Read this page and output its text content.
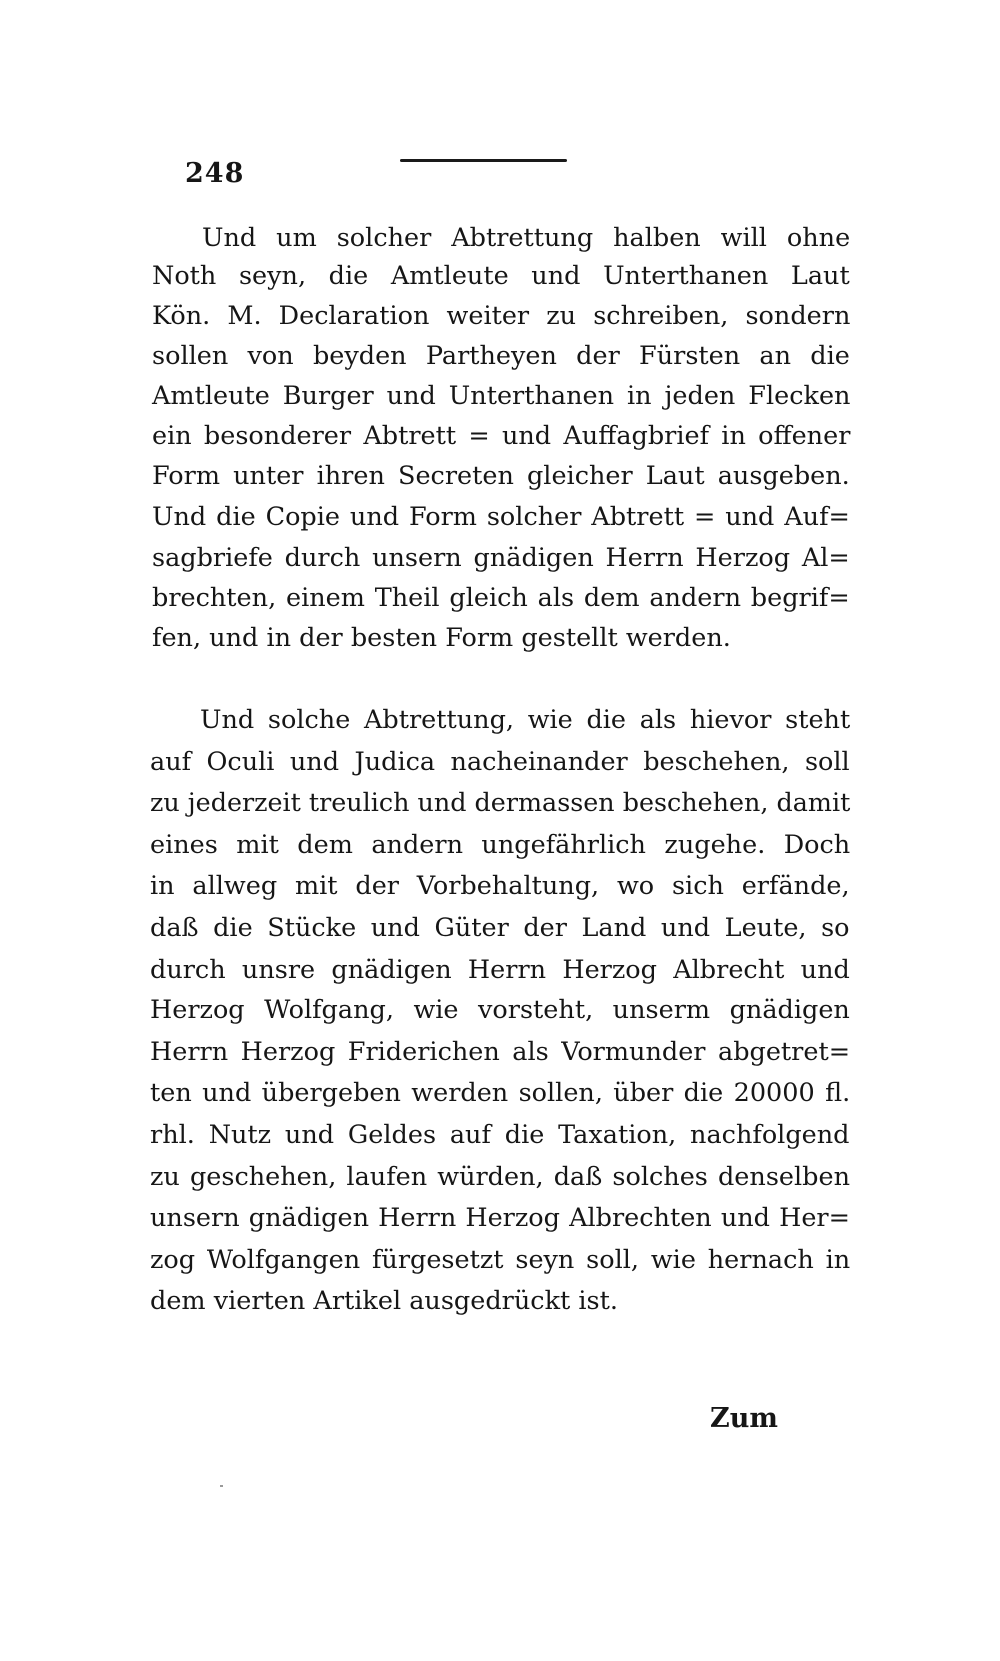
248
Und um solcher Abtrettung halben will ohne
Noth seyn, die Amtleute und Unterthanen Laut
Kön. M. Declaration weiter zu schreiben, sondern
sollen von beyden Partheyen der Fürsten an die
Amtleute Burger und Unterthanen in jeden Flecken
ein besonderer Abtrett = und Auffagbrief in offener
Form unter ihren Secreten gleicher Laut ausgeben.
Und die Copie und Form solcher Abtrett = und Auf=
sagbriefe durch unsern gnädigen Herrn Herzog Al=
brechten, einem Theil gleich als dem andern begrif=
fen, und in der besten Form gestellt werden.
Und solche Abtrettung, wie die als hievor steht
auf Oculi und Judica nacheinander beschehen, soll
zu jederzeit treulich und dermassen beschehen, damit
eines mit dem andern ungefährlich zugehe. Doch
in allweg mit der Vorbehaltung, wo sich erfände,
daß die Stücke und Güter der Land und Leute, so
durch unsre gnädigen Herrn Herzog Albrecht und
Herzog Wolfgang, wie vorsteht, unserm gnädigen
Herrn Herzog Friderichen als Vormunder abgetret=
ten und übergeben werden sollen, über die 20000 fl.
rhl. Nutz und Geldes auf die Taxation, nachfolgend
zu geschehen, laufen würden, daß solches denselben
unsern gnädigen Herrn Herzog Albrechten und Her=
zog Wolfgangen fürgesetzt seyn soll, wie hernach in
dem vierten Artikel ausgedrückt ist.
Zum
